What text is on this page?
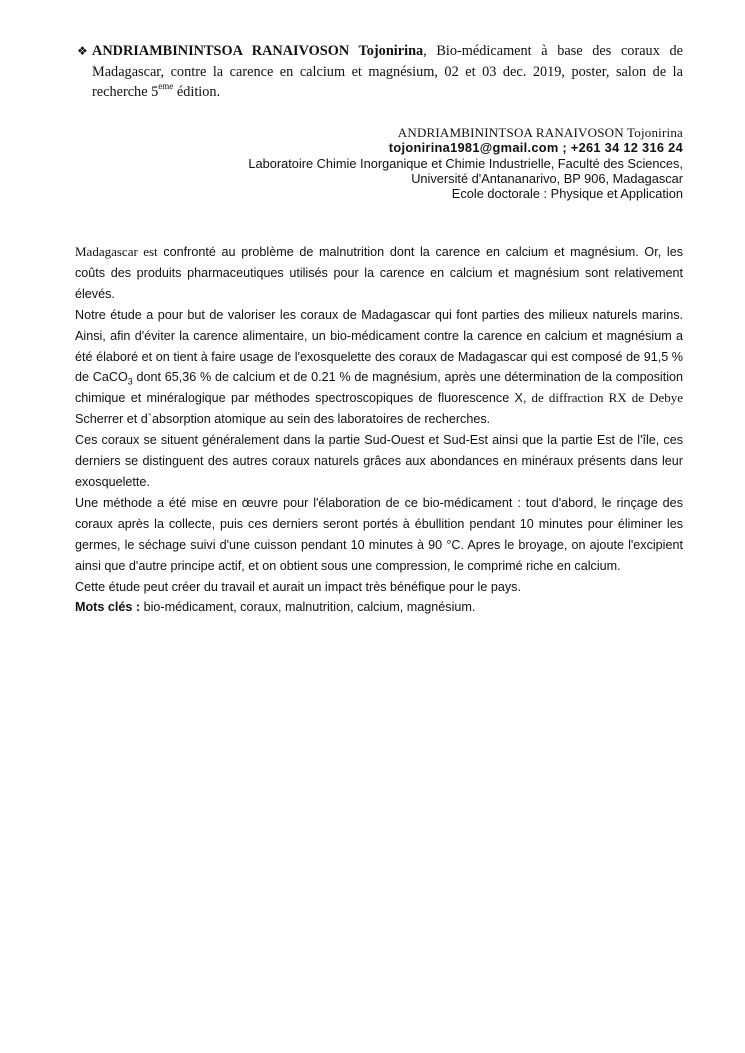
❖ ANDRIAMBININTSOA RANAIVOSON Tojonirina, Bio-médicament à base des coraux de Madagascar, contre la carence en calcium et magnésium, 02 et 03 dec. 2019, poster, salon de la recherche 5eme édition.
ANDRIAMBININTSOA RANAIVOSON Tojonirina
tojonirina1981@gmail.com ; +261 34 12 316 24
Laboratoire Chimie Inorganique et Chimie Industrielle, Faculté des Sciences,
Université d'Antananarivo, BP 906, Madagascar
Ecole doctorale : Physique et Application

Madagascar est confronté au problème de malnutrition dont la carence en calcium et magnésium. Or, les coûts des produits pharmaceutiques utilisés pour la carence en calcium et magnésium sont relativement élevés.

Notre étude a pour but de valoriser les coraux de Madagascar qui font parties des milieux naturels marins. Ainsi, afin d'éviter la carence alimentaire, un bio-médicament contre la carence en calcium et magnésium a été élaboré et on tient à faire usage de l'exosquelette des coraux de Madagascar qui est composé de 91,5 % de CaCO$_3$ dont 65,36 % de calcium et de 0.21 % de magnésium, après une détermination de la composition chimique et minéralogique par méthodes spectroscopiques de fluorescence X, de diffraction RX de Debye Scherrer et d`absorption atomique au sein des laboratoires de recherches.

Ces coraux se situent généralement dans la partie Sud-Ouest et Sud-Est ainsi que la partie Est de l'île, ces derniers se distinguent des autres coraux naturels grâces aux abondances en minéraux présents dans leur exosquelette.

Une méthode a été mise en œuvre pour l'élaboration de ce bio-médicament : tout d'abord, le rinçage des coraux après la collecte, puis ces derniers seront portés à ébullition pendant 10 minutes pour éliminer les germes, le séchage suivi d'une cuisson pendant 10 minutes à 90 °C. Apres le broyage, on ajoute l'excipient ainsi que d'autre principe actif, et on obtient sous une compression, le comprimé riche en calcium.

Cette étude peut créer du travail et aurait un impact très bénéfique pour le pays.

Mots clés : bio-médicament, coraux, malnutrition, calcium, magnésium.
